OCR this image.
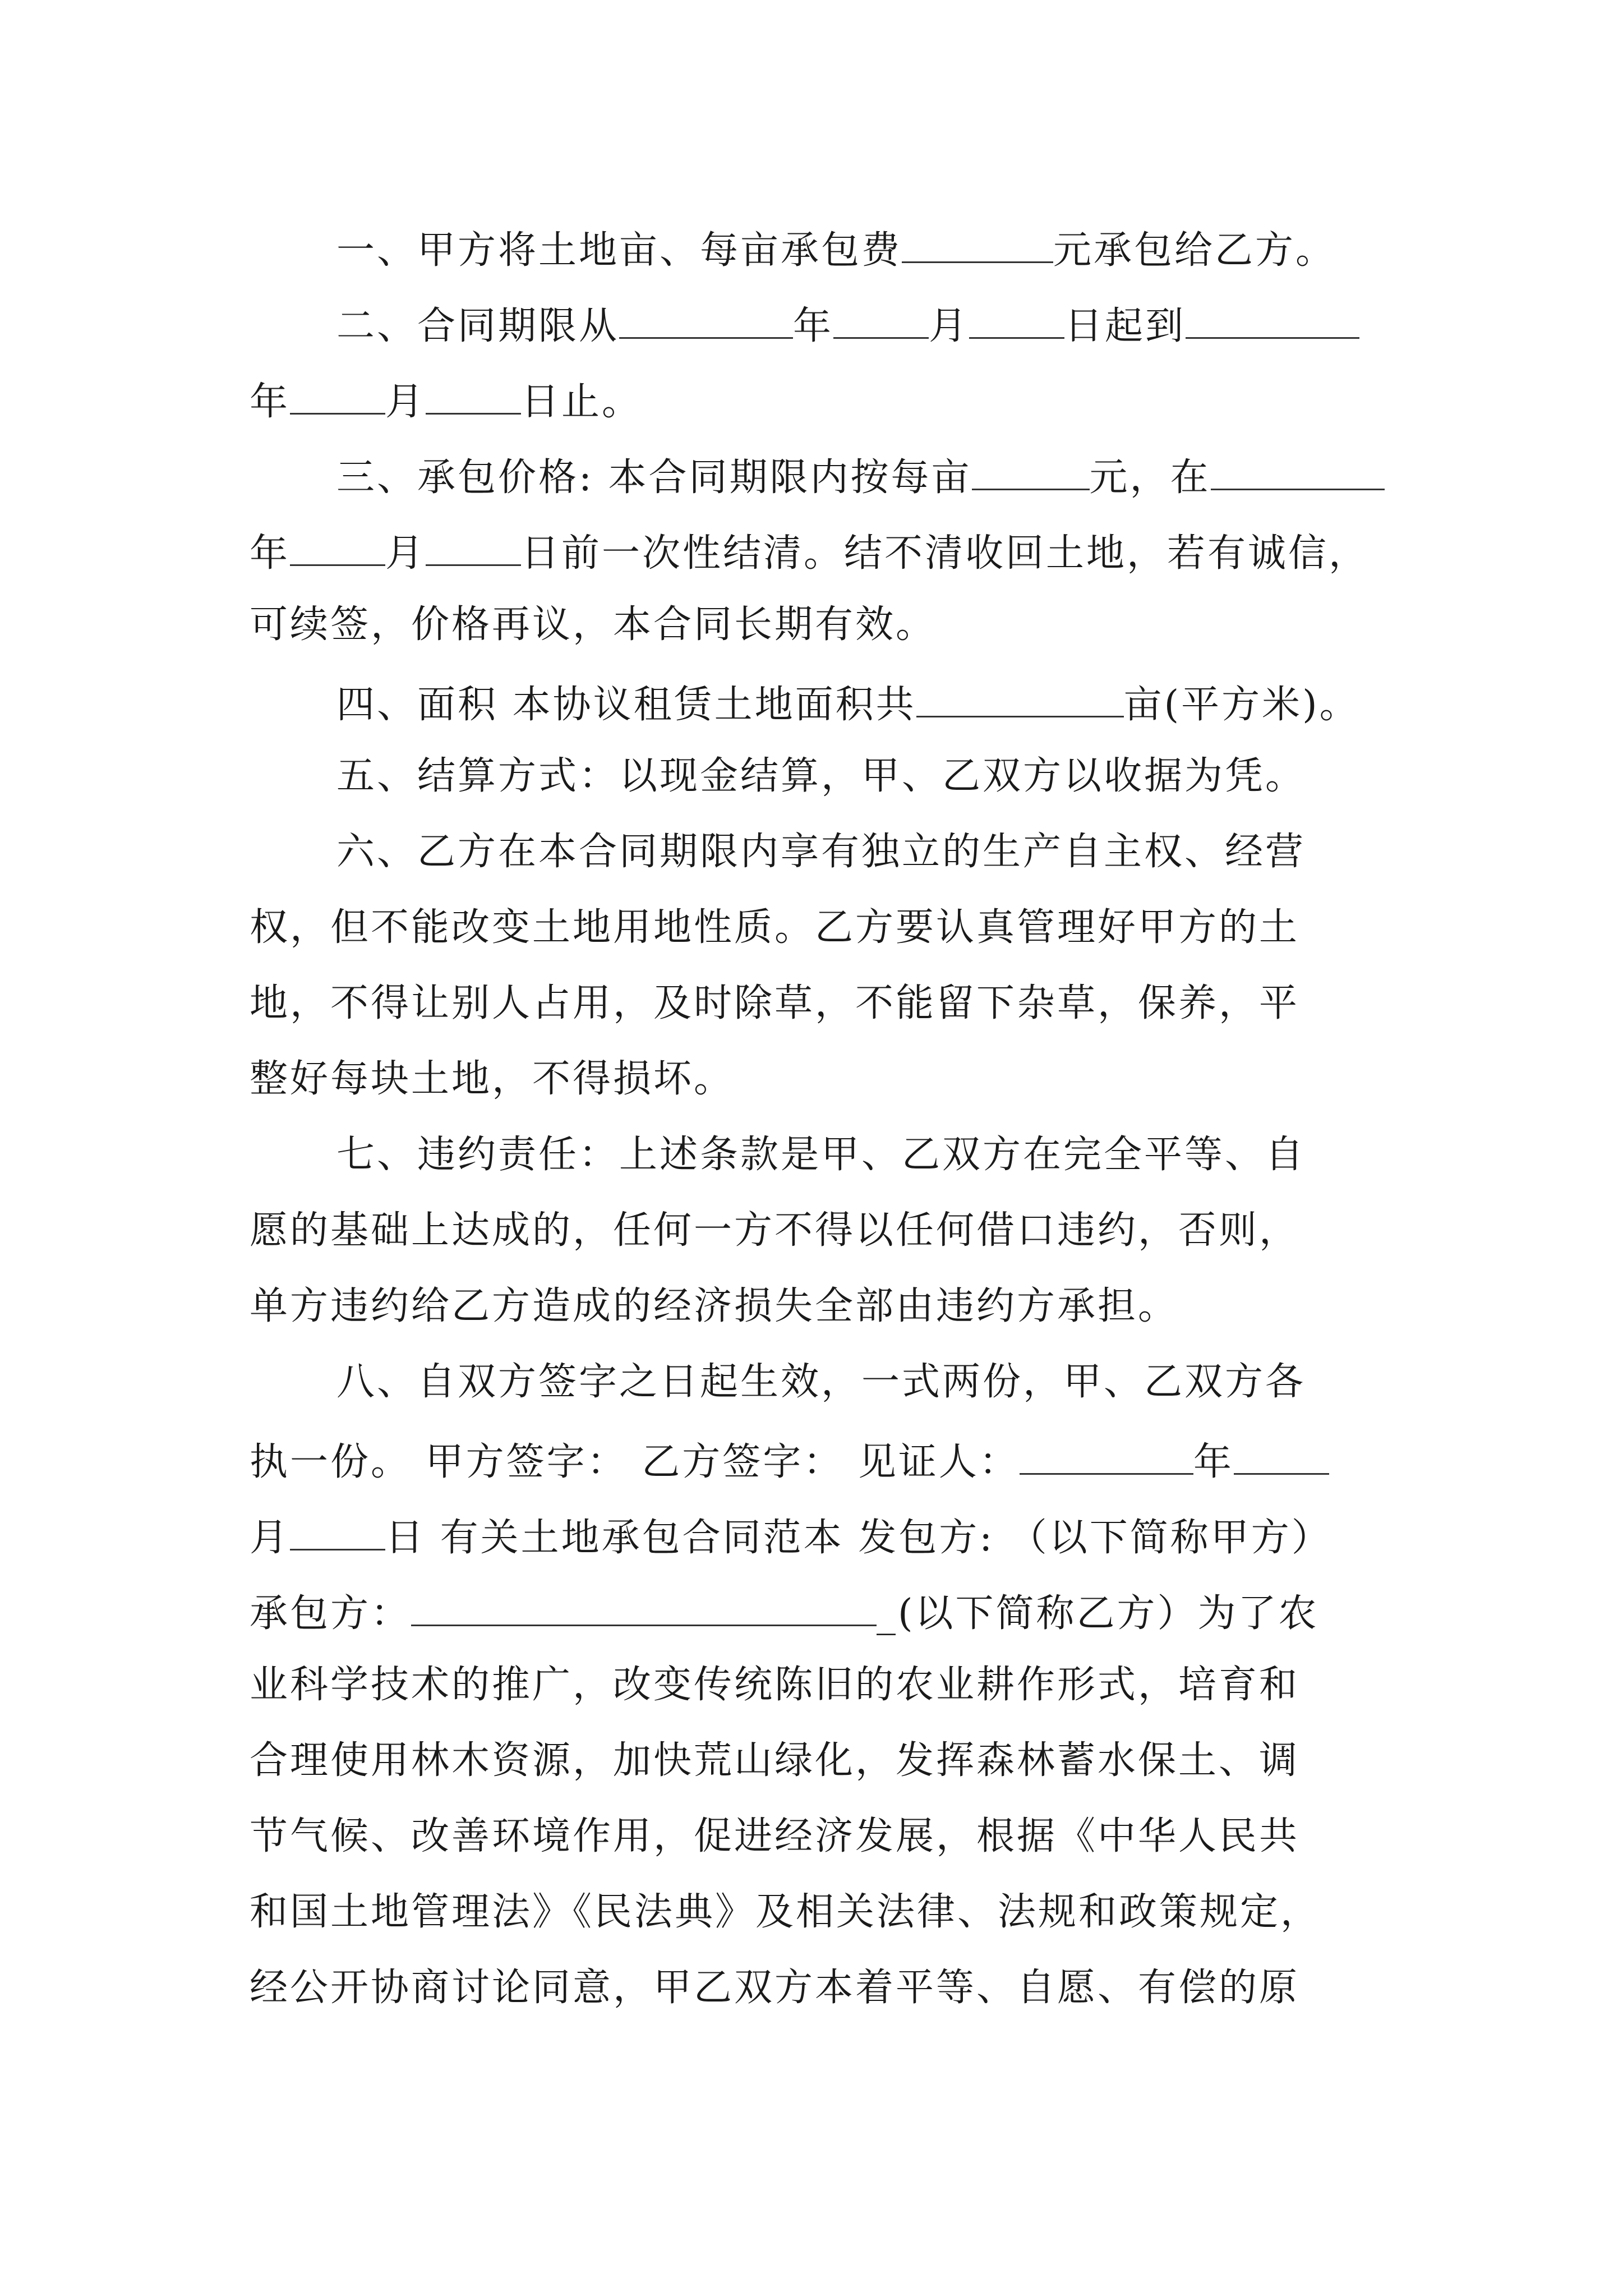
一、甲方将土地亩、每亩承包费	元承包给乙方。
二、合同期限从	年	月	日起到
年	月	日止。
三、承包价格: 本合同期限内按每亩	元，在
年	月	日前一次性结清。结不清收回土地，若有诚信，
可续签，价格再议，本合同长期有效。
四、面积 本协议租赁土地面积共	亩(平方米)。
五、结算方式：以现金结算，甲、乙双方以收据为凭。
六、乙方在本合同期限内享有独立的生产自主权、经营
权，但不能改变土地用地性质。乙方要认真管理好甲方的土
地，不得让别人占用，及时除草，不能留下杂草，保养，平
整好每块土地，不得损坏。
七、违约责任：上述条款是甲、乙双方在完全平等、自
愿的基础上达成的，任何一方不得以任何借口违约，否则，
单方违约给乙方造成的经济损失全部由违约方承担。
八、自双方签字之日起生效，一式两份，甲、乙双方各
执一份。 甲方签字： 乙方签字： 见证人：	年
月	日 有关土地承包合同范本 发包方: （以下简称甲方）
承包方：	_(以下简称乙方）为了农
业科学技术的推广，改变传统陈旧的农业耕作形式，培育和
合理使用林木资源，加快荒山绿化，发挥森林蓄水保土、调
节气候、改善环境作用，促进经济发展，根据《中华人民共
和国土地管理法》《民法典》及相关法律、法规和政策规定，
经公开协商讨论同意，甲乙双方本着平等、自愿、有偿的原
